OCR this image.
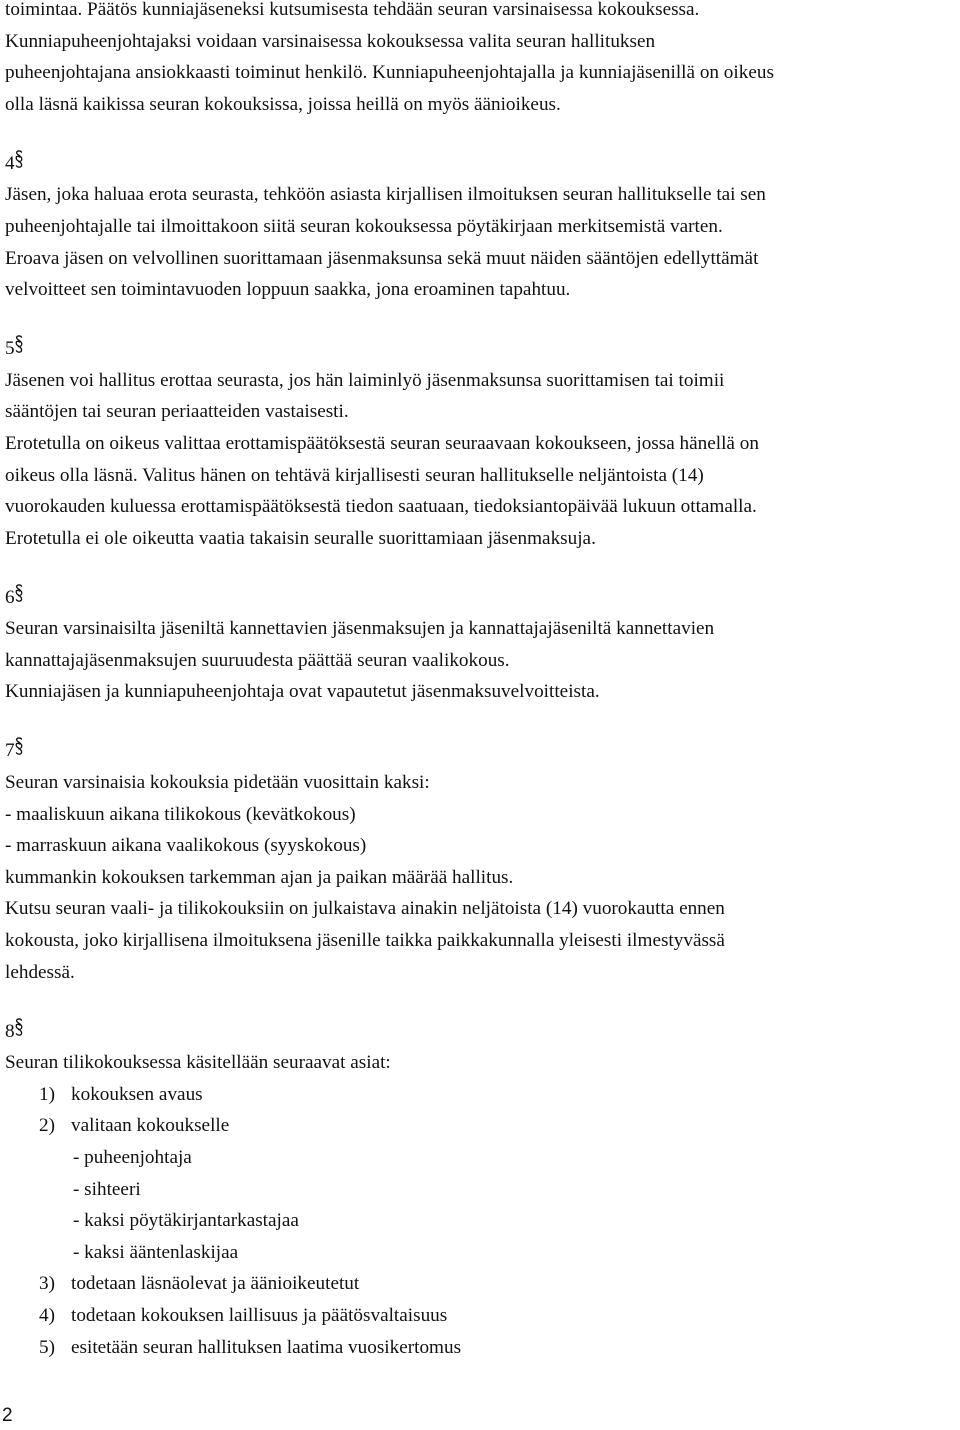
toimintaa. Päätös kunniajäseneksi kutsumisesta tehdään seuran varsinaisessa kokouksessa.
Kunniapuheenjohtajaksi voidaan varsinaisessa kokouksessa valita seuran hallituksen
puheenjohtajana ansiokkaasti toiminut henkilö. Kunniapuheenjohtajalla ja kunniajäsenillä on oikeus
olla läsnä kaikissa seuran kokouksissa, joissa heillä on myös äänioikeus.
4
Jäsen, joka haluaa erota seurasta, tehköön asiasta kirjallisen ilmoituksen seuran hallitukselle tai sen
puheenjohtajalle tai ilmoittakoon siitä seuran kokouksessa pöytäkirjaan merkitsemistä varten.
Eroava jäsen on velvollinen suorittamaan jäsenmaksunsa sekä muut näiden sääntöjen edellyttämät
velvoitteet sen toimintavuoden loppuun saakka, jona eroaminen tapahtuu.
5
Jäsenen voi hallitus erottaa seurasta, jos hän laiminlyö jäsenmaksunsa suorittamisen tai toimii
sääntöjen tai seuran periaatteiden vastaisesti.
Erotetulla on oikeus valittaa erottamispäätöksestä seuran seuraavaan kokoukseen, jossa hänellä on
oikeus olla läsnä. Valitus hänen on tehtävä kirjallisesti seuran hallitukselle neljäntoista (14)
vuorokauden kuluessa erottamispäätöksestä tiedon saatuaan, tiedoksiantopäivää lukuun ottamalla.
Erotetulla ei ole oikeutta vaatia takaisin seuralle suorittamiaan jäsenmaksuja.
6
Seuran varsinaisilta jäseniltä kannettavien jäsenmaksujen ja kannattajajäseniltä kannettavien
kannattajajäsenmaksujen suuruudesta päättää seuran vaalikokous.
Kunniajäsen ja kunniapuheenjohtaja ovat vapautetut jäsenmaksuvelvoitteista.
7
Seuran varsinaisia kokouksia pidetään vuosittain kaksi:
- maaliskuun aikana tilikokous (kevätkokous)
- marraskuun aikana vaalikokous (syyskokous)
kummankin kokouksen tarkemman ajan ja paikan määrää hallitus.
Kutsu seuran vaali- ja tilikokouksiin on julkaistava ainakin neljätoista (14) vuorokautta ennen
kokousta, joko kirjallisena ilmoituksena jäsenille taikka paikkakunnalla yleisesti ilmestyvässä
lehdessä.
8
Seuran tilikokouksessa käsitellään seuraavat asiat:
1) kokouksen avaus
2) valitaan kokoukselle
- puheenjohtaja
- sihteeri
- kaksi pöytäkirjantarkastajaa
- kaksi ääntenlaskijaa
3) todetaan läsnäolevat ja äänioikeutetut
4) todetaan kokouksen laillisuus ja päätösvaltaisuus
5) esitetään seuran hallituksen laatima vuosikertomus
2
